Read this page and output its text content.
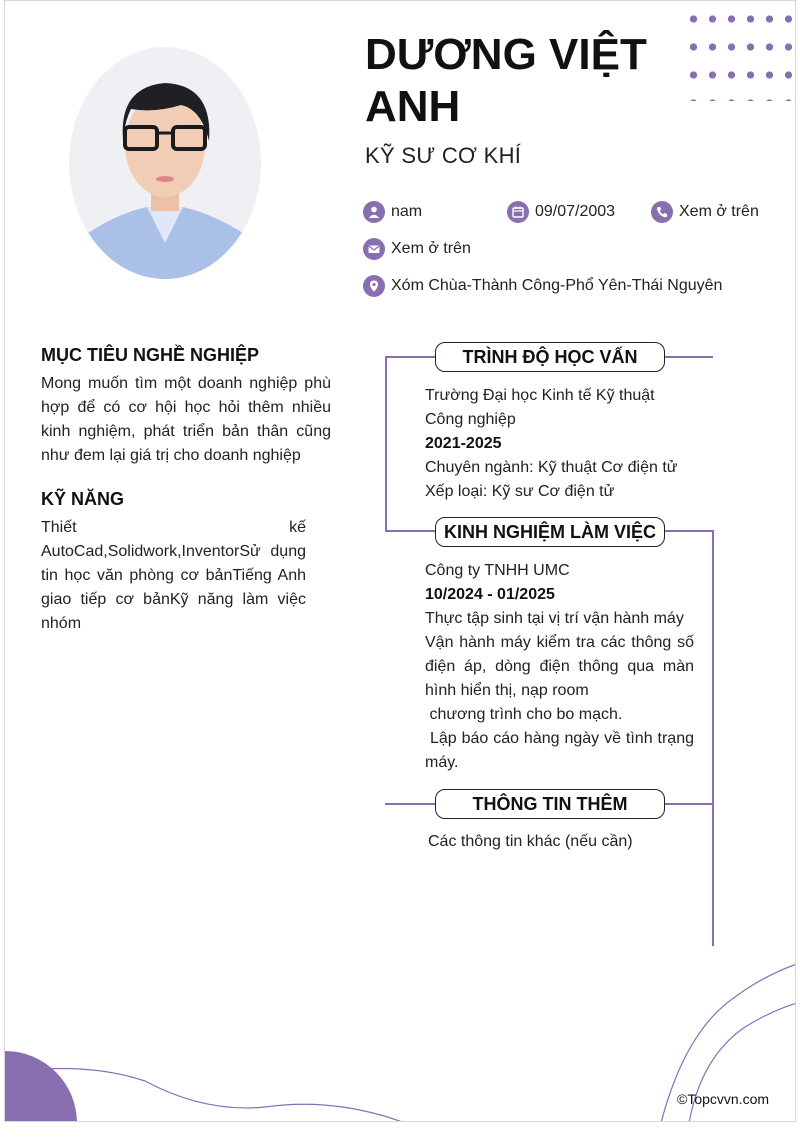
DƯƠNG VIỆT ANH
KỸ SƯ CƠ KHÍ
nam	09/07/2003	Xem ở trên
Xem ở trên
Xóm Chùa-Thành Công-Phổ Yên-Thái Nguyên
MỤC TIÊU NGHỀ NGHIỆP
Mong muốn tìm một doanh nghiệp phù hợp để có cơ hội học hỏi thêm nhiều kinh nghiệm, phát triển bản thân cũng như đem lại giá trị cho doanh nghiệp
KỸ NĂNG
Thiết kế AutoCad,Solidwork,InventorSử dụng tin học văn phòng cơ bảnTiếng Anh giao tiếp cơ bảnKỹ năng làm việc nhóm
TRÌNH ĐỘ HỌC VẤN
Trường Đại học Kinh tế Kỹ thuật
Công nghiệp
2021-2025
Chuyên ngành: Kỹ thuật Cơ điện tử
Xếp loại: Kỹ sư Cơ điện tử
KINH NGHIỆM LÀM VIỆC
Công ty TNHH UMC
10/2024 - 01/2025
Thực tập sinh tại vị trí vận hành máy
Vận hành máy kiểm tra các thông số điện áp, dòng điện thông qua màn hình hiển thị, nạp room
chương trình cho bo mạch.
Lập báo cáo hàng ngày về tình trạng máy.
THÔNG TIN THÊM
Các thông tin khác (nếu cần)
©Topcvvn.com
